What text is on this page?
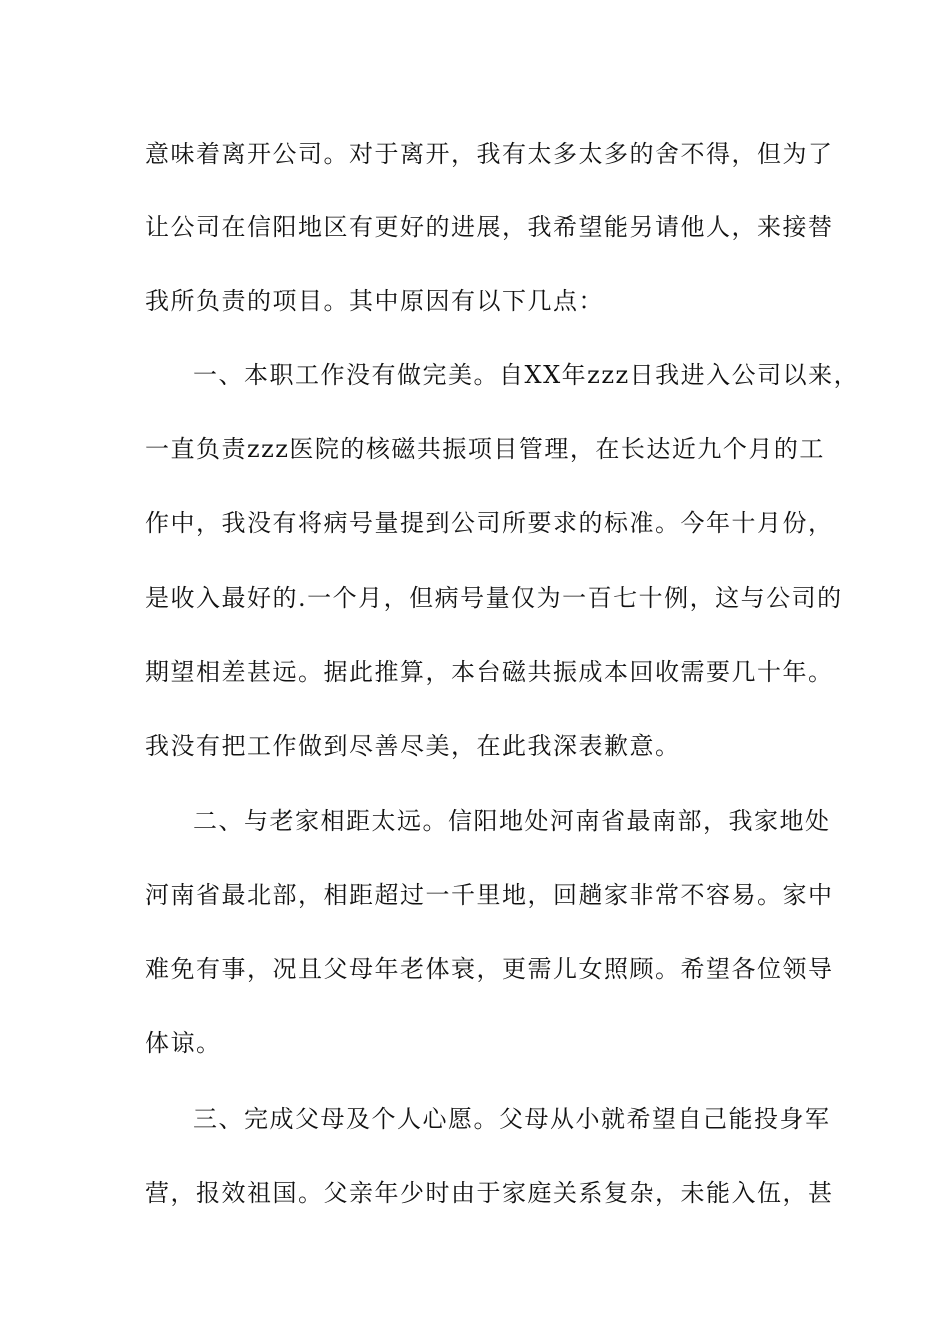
意味着离开公司。对于离开，我有太多太多的舍不得，但为了
让公司在信阳地区有更好的进展，我希望能另请他人，来接替
我所负责的项目。其中原因有以下几点：
一、本职工作没有做完美。自XX年zzz日我进入公司以来，
一直负责zzz医院的核磁共振项目管理，在长达近九个月的工
作中，我没有将病号量提到公司所要求的标准。今年十月份，
是收入最好的.一个月，但病号量仅为一百七十例，这与公司的
期望相差甚远。据此推算，本台磁共振成本回收需要几十年。
我没有把工作做到尽善尽美，在此我深表歉意。
二、与老家相距太远。信阳地处河南省最南部，我家地处
河南省最北部，相距超过一千里地，回趟家非常不容易。家中
难免有事，况且父母年老体衰，更需儿女照顾。希望各位领导
体谅。
三、完成父母及个人心愿。父母从小就希望自己能投身军
营，报效祖国。父亲年少时由于家庭关系复杂，未能入伍，甚
